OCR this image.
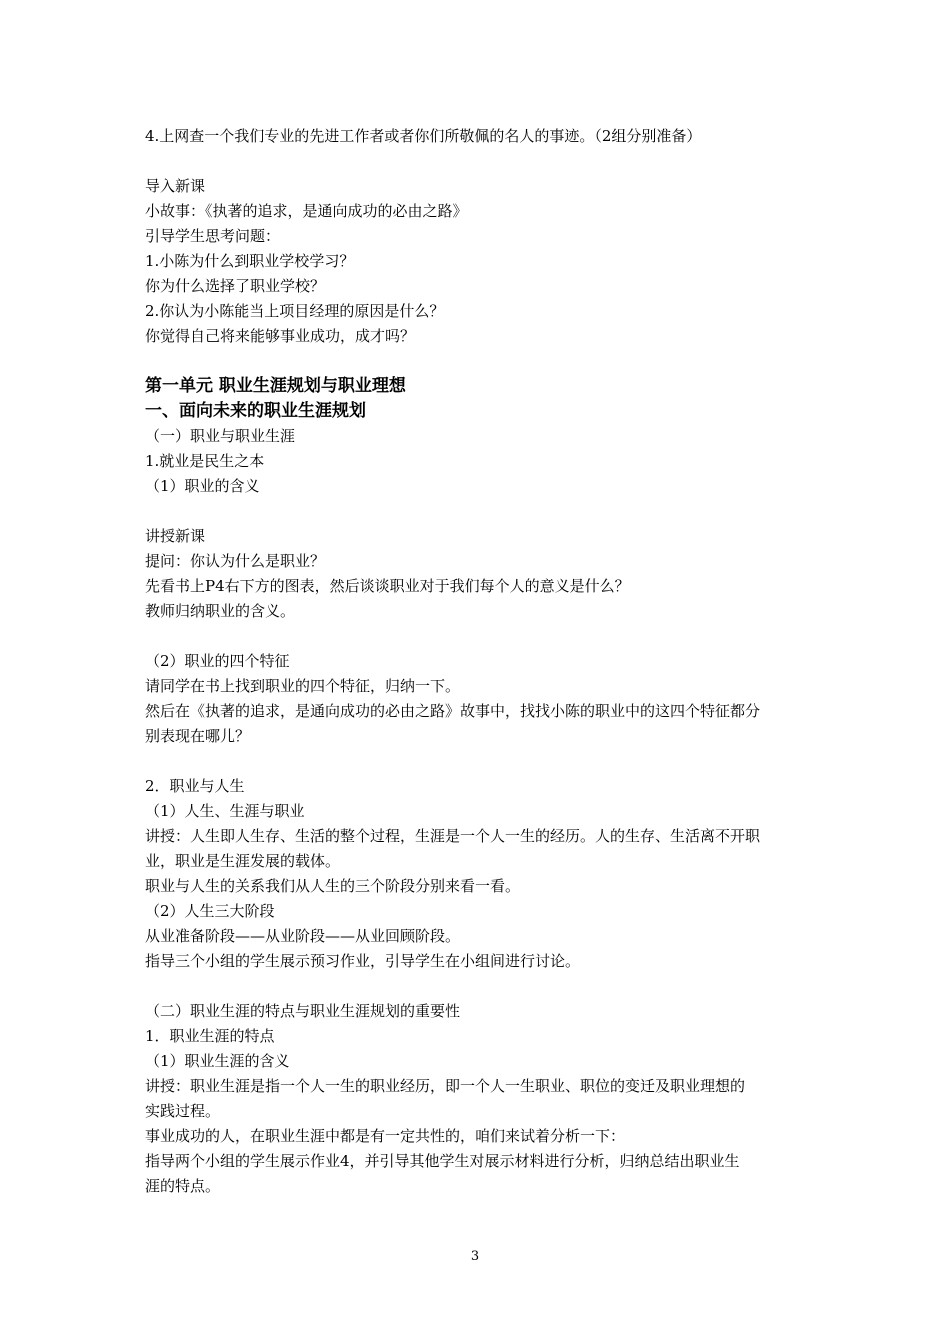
4.上网查一个我们专业的先进工作者或者你们所敬佩的名人的事迹。（2组分别准备）
导入新课
小故事：《执著的追求，是通向成功的必由之路》
引导学生思考问题：
1.小陈为什么到职业学校学习？
你为什么选择了职业学校？
2.你认为小陈能当上项目经理的原因是什么？
你觉得自己将来能够事业成功，成才吗？
第一单元 职业生涯规划与职业理想
一、面向未来的职业生涯规划
（一）职业与职业生涯
1.就业是民生之本
（1）职业的含义
讲授新课
提问：你认为什么是职业？
先看书上P4右下方的图表，然后谈谈职业对于我们每个人的意义是什么？
教师归纳职业的含义。
（2）职业的四个特征
请同学在书上找到职业的四个特征，归纳一下。
然后在《执著的追求，是通向成功的必由之路》故事中，找找小陈的职业中的这四个特征都分
别表现在哪儿？
2．职业与人生
（1）人生、生涯与职业
讲授：人生即人生存、生活的整个过程，生涯是一个人一生的经历。人的生存、生活离不开职
业，职业是生涯发展的载体。
职业与人生的关系我们从人生的三个阶段分别来看一看。
（2）人生三大阶段
从业准备阶段——从业阶段——从业回顾阶段。
指导三个小组的学生展示预习作业，引导学生在小组间进行讨论。
（二）职业生涯的特点与职业生涯规划的重要性
1．职业生涯的特点
（1）职业生涯的含义
讲授：职业生涯是指一个人一生的职业经历，即一个人一生职业、职位的变迁及职业理想的
实践过程。
事业成功的人，在职业生涯中都是有一定共性的，咱们来试着分析一下：
指导两个小组的学生展示作业4，并引导其他学生对展示材料进行分析，归纳总结出职业生
涯的特点。
3
